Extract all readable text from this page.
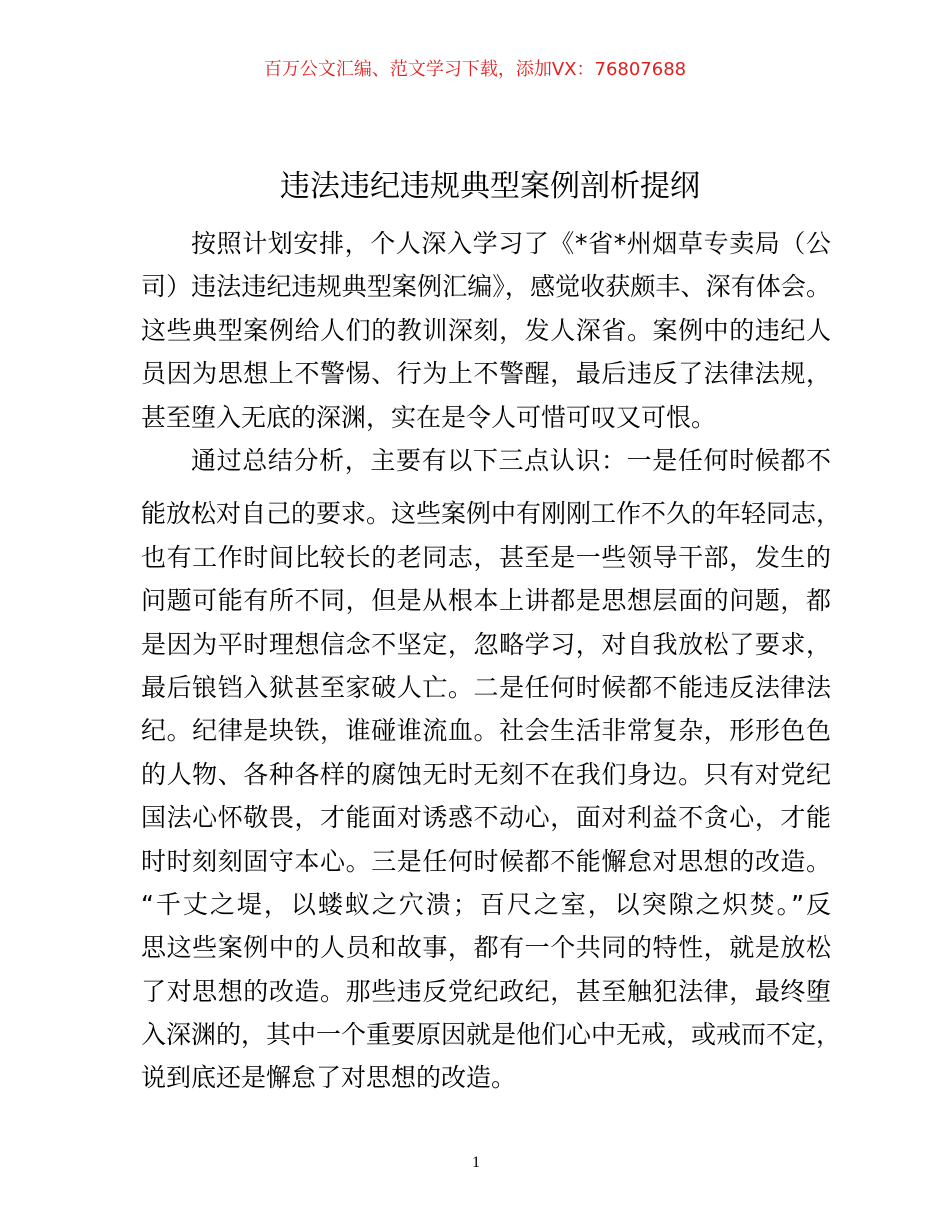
百万公文汇编、范文学习下载，添加VX：76807688
违法违纪违规典型案例剖析提纲
按照计划安排，个人深入学习了《*省*州烟草专卖局（公
司）违法违纪违规典型案例汇编》，感觉收获颇丰、深有体会。
这些典型案例给人们的教训深刻，发人深省。案例中的违纪人
员因为思想上不警惕、行为上不警醒，最后违反了法律法规，
甚至堕入无底的深渊，实在是令人可惜可叹又可恨。
通过总结分析，主要有以下三点认识：一是任何时候都不
能放松对自己的要求。这些案例中有刚刚工作不久的年轻同志，
也有工作时间比较长的老同志，甚至是一些领导干部，发生的
问题可能有所不同，但是从根本上讲都是思想层面的问题，都
是因为平时理想信念不坚定，忽略学习，对自我放松了要求，
最后锒铛入狱甚至家破人亡。二是任何时候都不能违反法律法
纪。纪律是块铁，谁碰谁流血。社会生活非常复杂，形形色色
的人物、各种各样的腐蚀无时无刻不在我们身边。只有对党纪
国法心怀敬畏，才能面对诱惑不动心，面对利益不贪心，才能
时时刻刻固守本心。三是任何时候都不能懈怠对思想的改造。
“千丈之堤，以蝼蚁之穴溃；百尺之室，以突隙之炽焚。”反
思这些案例中的人员和故事，都有一个共同的特性，就是放松
了对思想的改造。那些违反党纪政纪，甚至触犯法律，最终堕
入深渊的，其中一个重要原因就是他们心中无戒，或戒而不定，
说到底还是懈怠了对思想的改造。
1
